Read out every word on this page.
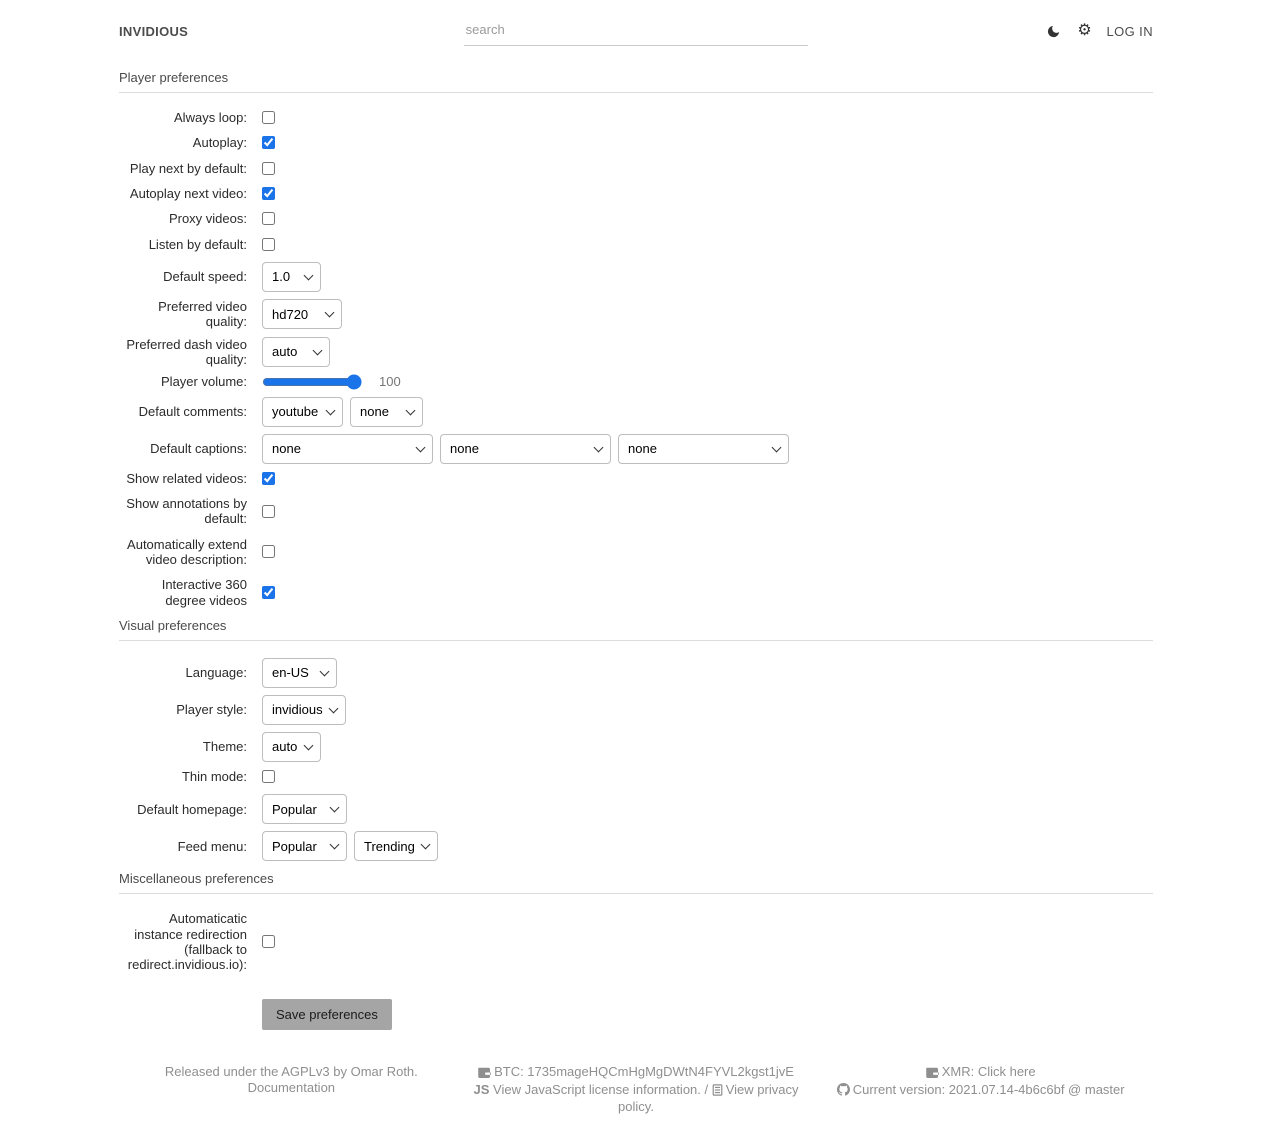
INVIDIOUS
search	⚙ LOG IN
Player preferences
Always loop:
Autoplay:
Play next by default:
Autoplay next video:
Proxy videos:
Listen by default:
Default speed:
1.0
Preferred video quality:
hd720
Preferred dash video quality:
auto
Player volume:	100
Default comments:
youtube
none
Default captions:
none
none
none
Show related videos:
Show annotations by default:
Automatically extend video description:
Interactive 360 degree videos
Visual preferences
Language:
en-US
Player style:
invidious
Theme:
auto
Thin mode:
Default homepage:
Popular
Feed menu:
Popular
Trending
Miscellaneous preferences
Automaticatic instance redirection (fallback to redirect.invidious.io):
Save preferences
Released under the AGPLv3 by Omar Roth.
Documentation
BTC: 1735mageHQCmHgMgDWtN4FYVL2kgst1jvE
JS View JavaScript license information. / View privacy policy.
XMR: Click here
Current version: 2021.07.14-4b6c6bf @ master
